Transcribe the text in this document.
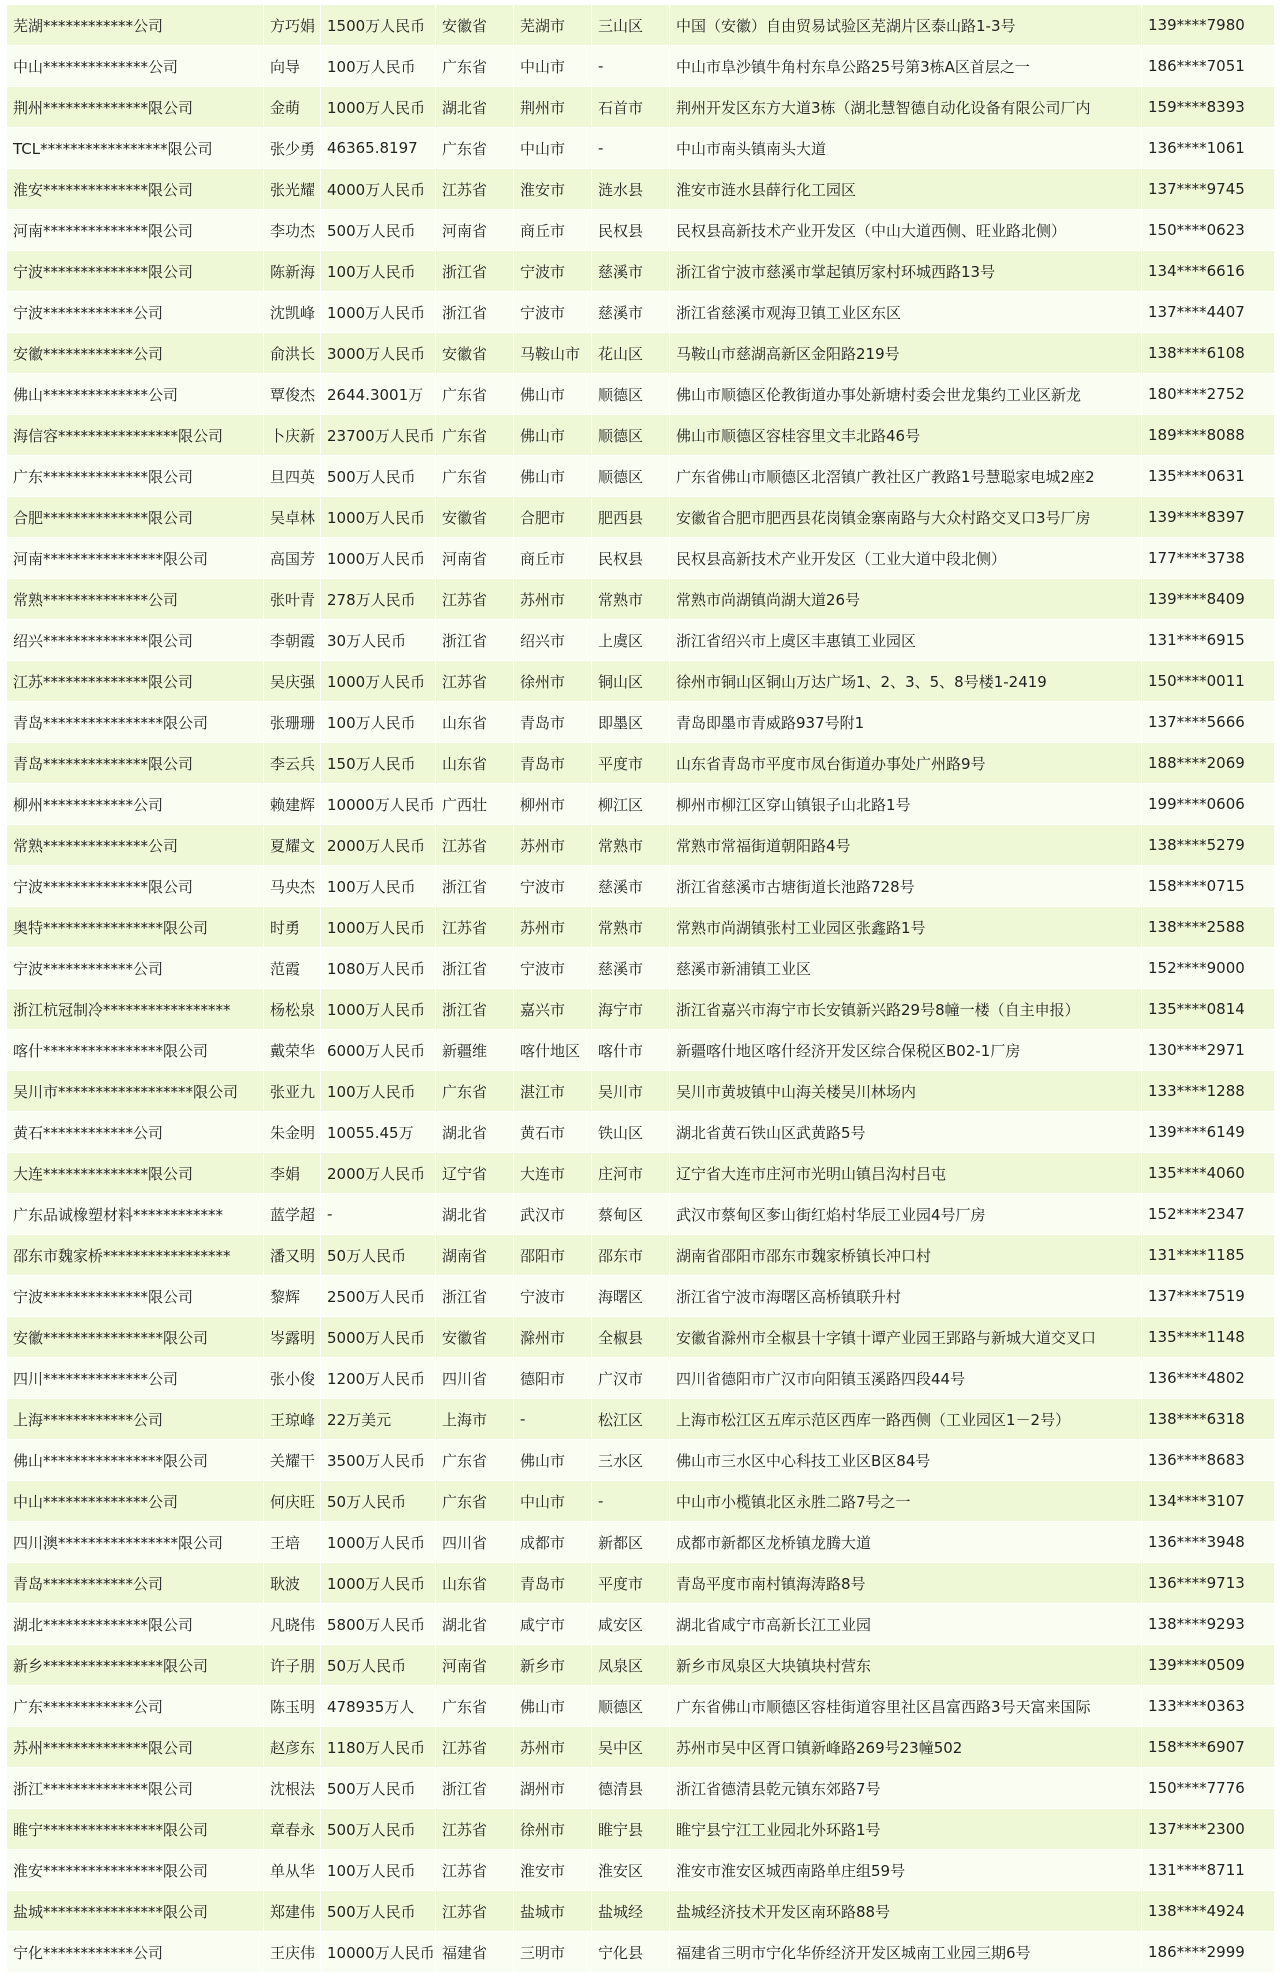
芜湖************公司	方巧娟	1500万人民币	安徽省	芜湖市	三山区	中国（安徽）自由贸易试验区芜湖片区泰山路1-3号	139****7980
中山**************公司	向导	100万人民币	广东省	中山市	-	中山市阜沙镇牛角村东阜公路25号第3栋A区首层之一	186****7051
荆州**************限公司	金萌	1000万人民币	湖北省	荆州市	石首市	荆州开发区东方大道3栋（湖北慧智德自动化设备有限公司厂内	159****8393
TCL*****************限公司	张少勇	46365.8197	广东省	中山市	-	中山市南头镇南头大道	136****1061
淮安**************限公司	张光耀	4000万人民币	江苏省	淮安市	涟水县	淮安市涟水县薛行化工园区	137****9745
河南**************限公司	李功杰	500万人民币	河南省	商丘市	民权县	民权县高新技术产业开发区（中山大道西侧、旺业路北侧）	150****0623
宁波**************限公司	陈新海	100万人民币	浙江省	宁波市	慈溪市	浙江省宁波市慈溪市掌起镇厉家村环城西路13号	134****6616
宁波************公司	沈凯峰	1000万人民币	浙江省	宁波市	慈溪市	浙江省慈溪市观海卫镇工业区东区	137****4407
安徽************公司	俞洪长	3000万人民币	安徽省	马鞍山市	花山区	马鞍山市慈湖高新区金阳路219号	138****6108
佛山**************公司	覃俊杰	2644.3001万	广东省	佛山市	顺德区	佛山市顺德区伦教街道办事处新塘村委会世龙集约工业区新龙	180****2752
海信容****************限公司	卜庆新	23700万人民币	广东省	佛山市	顺德区	佛山市顺德区容桂容里文丰北路46号	189****8088
广东**************限公司	旦四英	500万人民币	广东省	佛山市	顺德区	广东省佛山市顺德区北滘镇广教社区广教路1号慧聪家电城2座2	135****0631
合肥**************限公司	吴卓林	1000万人民币	安徽省	合肥市	肥西县	安徽省合肥市肥西县花岗镇金寨南路与大众村路交叉口3号厂房	139****8397
河南****************限公司	高国芳	1000万人民币	河南省	商丘市	民权县	民权县高新技术产业开发区（工业大道中段北侧）	177****3738
常熟**************公司	张叶青	278万人民币	江苏省	苏州市	常熟市	常熟市尚湖镇尚湖大道26号	139****8409
绍兴**************限公司	李朝霞	30万人民币	浙江省	绍兴市	上虞区	浙江省绍兴市上虞区丰惠镇工业园区	131****6915
江苏**************限公司	吴庆强	1000万人民币	江苏省	徐州市	铜山区	徐州市铜山区铜山万达广场1、2、3、5、8号楼1-2419	150****0011
青岛****************限公司	张珊珊	100万人民币	山东省	青岛市	即墨区	青岛即墨市青威路937号附1	137****5666
青岛**************限公司	李云兵	150万人民币	山东省	青岛市	平度市	山东省青岛市平度市凤台街道办事处广州路9号	188****2069
柳州************公司	赖建辉	10000万人民币	广西壮	柳州市	柳江区	柳州市柳江区穿山镇银子山北路1号	199****0606
常熟**************公司	夏耀文	2000万人民币	江苏省	苏州市	常熟市	常熟市常福街道朝阳路4号	138****5279
宁波**************限公司	马央杰	100万人民币	浙江省	宁波市	慈溪市	浙江省慈溪市古塘街道长池路728号	158****0715
奥特****************限公司	时勇	1000万人民币	江苏省	苏州市	常熟市	常熟市尚湖镇张村工业园区张鑫路1号	138****2588
宁波************公司	范霞	1080万人民币	浙江省	宁波市	慈溪市	慈溪市新浦镇工业区	152****9000
浙江杭冠制冷*****************	杨松泉	1000万人民币	浙江省	嘉兴市	海宁市	浙江省嘉兴市海宁市长安镇新兴路29号8幢一楼（自主申报）	135****0814
喀什****************限公司	戴荣华	6000万人民币	新疆维	喀什地区	喀什市	新疆喀什地区喀什经济开发区综合保税区B02-1厂房	130****2971
吴川市******************限公司	张亚九	100万人民币	广东省	湛江市	吴川市	吴川市黄坡镇中山海关楼吴川林场内	133****1288
黄石************公司	朱金明	10055.45万	湖北省	黄石市	铁山区	湖北省黄石铁山区武黄路5号	139****6149
大连**************限公司	李娟	2000万人民币	辽宁省	大连市	庄河市	辽宁省大连市庄河市光明山镇吕沟村吕屯	135****4060
广东品诚橡塑材料************	蓝学超	-	湖北省	武汉市	蔡甸区	武汉市蔡甸区奓山街红焰村华辰工业园4号厂房	152****2347
邵东市魏家桥*****************	潘又明	50万人民币	湖南省	邵阳市	邵东市	湖南省邵阳市邵东市魏家桥镇长冲口村	131****1185
宁波**************限公司	黎辉	2500万人民币	浙江省	宁波市	海曙区	浙江省宁波市海曙区高桥镇联升村	137****7519
安徽****************限公司	岑露明	5000万人民币	安徽省	滁州市	全椒县	安徽省滁州市全椒县十字镇十谭产业园王郢路与新城大道交叉口	135****1148
四川**************公司	张小俊	1200万人民币	四川省	德阳市	广汉市	四川省德阳市广汉市向阳镇玉溪路四段44号	136****4802
上海************公司	王琼峰	22万美元	上海市	-	松江区	上海市松江区五库示范区西库一路西侧（工业园区1－2号）	138****6318
佛山****************限公司	关耀干	3500万人民币	广东省	佛山市	三水区	佛山市三水区中心科技工业区B区84号	136****8683
中山**************公司	何庆旺	50万人民币	广东省	中山市	-	中山市小榄镇北区永胜二路7号之一	134****3107
四川澳****************限公司	王培	1000万人民币	四川省	成都市	新都区	成都市新都区龙桥镇龙腾大道	136****3948
青岛************公司	耿波	1000万人民币	山东省	青岛市	平度市	青岛平度市南村镇海涛路8号	136****9713
湖北**************限公司	凡晓伟	5800万人民币	湖北省	咸宁市	咸安区	湖北省咸宁市高新长江工业园	138****9293
新乡****************限公司	许子朋	50万人民币	河南省	新乡市	凤泉区	新乡市凤泉区大块镇块村营东	139****0509
广东************公司	陈玉明	478935万人	广东省	佛山市	顺德区	广东省佛山市顺德区容桂街道容里社区昌富西路3号天富来国际	133****0363
苏州**************限公司	赵彦东	1180万人民币	江苏省	苏州市	吴中区	苏州市吴中区胥口镇新峰路269号23幢502	158****6907
浙江**************限公司	沈根法	500万人民币	浙江省	湖州市	德清县	浙江省德清县乾元镇东郊路7号	150****7776
睢宁****************限公司	章春永	500万人民币	江苏省	徐州市	睢宁县	睢宁县宁江工业园北外环路1号	137****2300
淮安****************限公司	单从华	100万人民币	江苏省	淮安市	淮安区	淮安市淮安区城西南路单庄组59号	131****8711
盐城****************限公司	郑建伟	500万人民币	江苏省	盐城市	盐城经	盐城经济技术开发区南环路88号	138****4924
宁化************公司	王庆伟	10000万人民币	福建省	三明市	宁化县	福建省三明市宁化华侨经济开发区城南工业园三期6号	186****2999
